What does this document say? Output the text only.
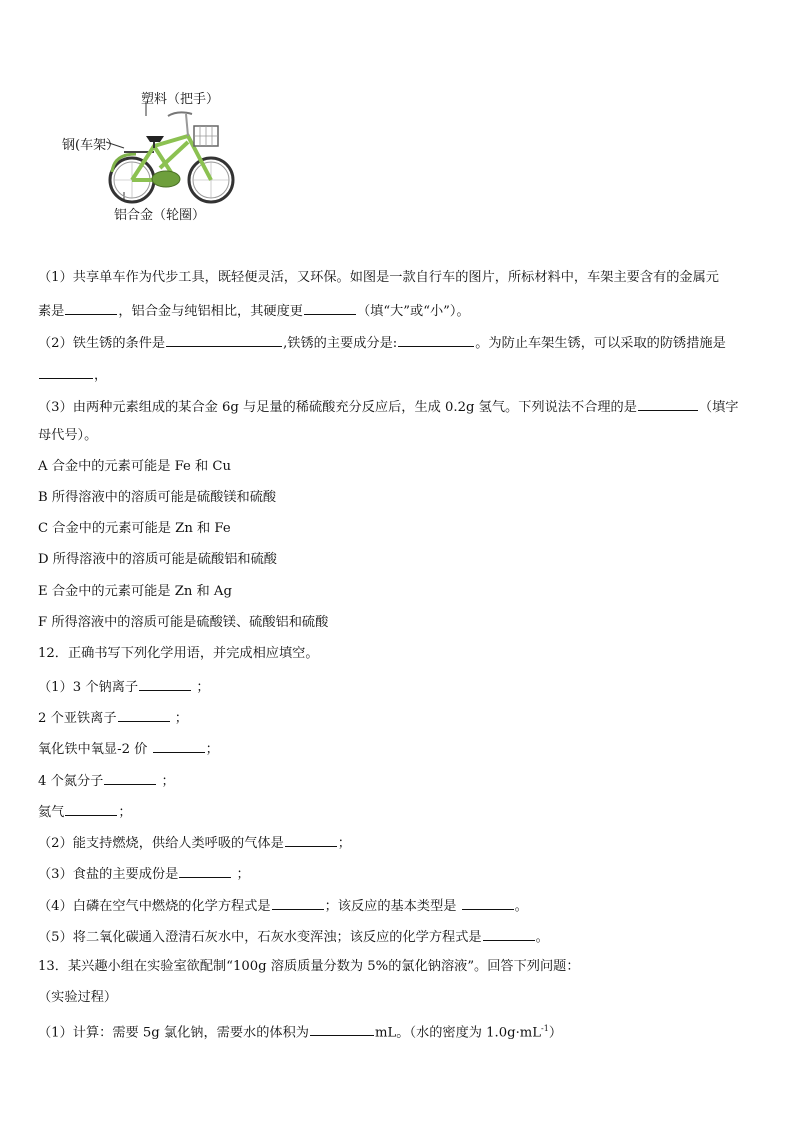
塑料（把手）
钢(车架）
铝合金（轮圈）
（1）共享单车作为代步工具，既轻便灵活，又环保。如图是一款自行车的图片，所标材料中，车架主要含有的金属元
素是	，铝合金与纯铝相比，其硬度更	（填“大”或“小”）。
（2）铁生锈的条件是	,铁锈的主要成分是:	。为防止车架生锈，可以采取的防锈措施是
，
（3）由两种元素组成的某合金 6g 与足量的稀硫酸充分反应后，生成 0.2g 氢气。下列说法不合理的是	（填字
母代号）。
A 合金中的元素可能是 Fe 和 Cu
B 所得溶液中的溶质可能是硫酸镁和硫酸
C 合金中的元素可能是 Zn 和 Fe
D 所得溶液中的溶质可能是硫酸铝和硫酸
E 合金中的元素可能是 Zn 和 Ag
F 所得溶液中的溶质可能是硫酸镁、硫酸铝和硫酸
12．正确书写下列化学用语，并完成相应填空。
（1）3 个钠离子	；
2 个亚铁离子	；
氧化铁中氧显-2 价	；
4 个氮分子	；
氦气	；
（2）能支持燃烧，供给人类呼吸的气体是	；
（3）食盐的主要成份是	；
（4）白磷在空气中燃烧的化学方程式是	；该反应的基本类型是	。
（5）将二氧化碳通入澄清石灰水中，石灰水变浑浊；该反应的化学方程式是	。
13．某兴趣小组在实验室欲配制“100g 溶质质量分数为 5%的氯化钠溶液”。回答下列问题：
（实验过程）
（1）计算：需要 5g 氯化钠，需要水的体积为	mL。（水的密度为 $1.0g\cdot mL^{-1}$）
